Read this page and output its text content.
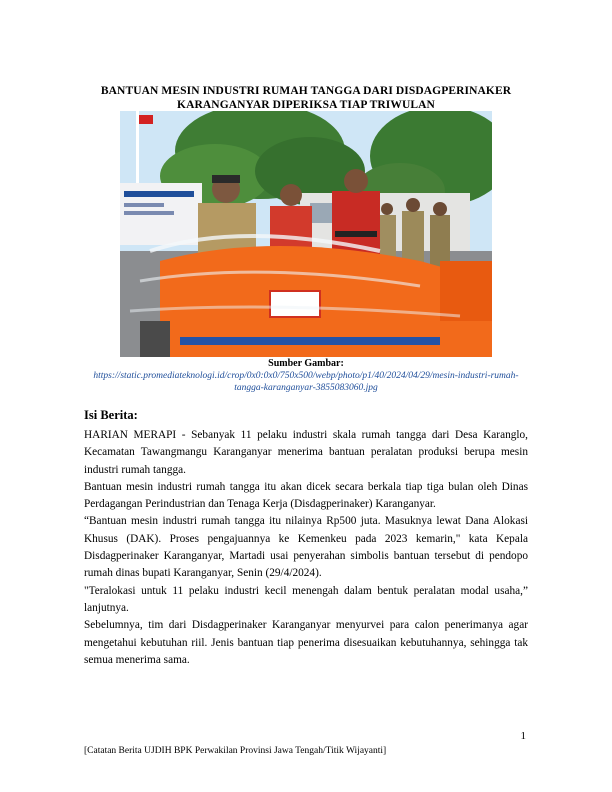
BANTUAN MESIN INDUSTRI RUMAH TANGGA DARI DISDAGPERINAKER KARANGANYAR DIPERIKSA TIAP TRIWULAN
Sumber Gambar:
https://static.promediateknologi.id/crop/0x0:0x0/750x500/webp/photo/p1/40/2024/04/29/mesin-industri-rumah-tangga-karanganyar-3855083060.jpg
Isi Berita:

HARIAN MERAPI - Sebanyak 11 pelaku industri skala rumah tangga dari Desa Karanglo, Kecamatan Tawangmangu Karanganyar menerima bantuan peralatan produksi berupa mesin industri rumah tangga.

Bantuan mesin industri rumah tangga itu akan dicek secara berkala tiap tiga bulan oleh Dinas Perdagangan Perindustrian dan Tenaga Kerja (Disdagperinaker) Karanganyar.

“Bantuan mesin industri rumah tangga itu nilainya Rp500 juta. Masuknya lewat Dana Alokasi Khusus (DAK). Proses pengajuannya ke Kemenkeu pada 2023 kemarin," kata Kepala Disdagperinaker Karanganyar, Martadi usai penyerahan simbolis bantuan tersebut di pendopo rumah dinas bupati Karanganyar, Senin (29/4/2024).

"Teralokasi untuk 11 pelaku industri kecil menengah dalam bentuk peralatan modal usaha,” lanjutnya.

Sebelumnya, tim dari Disdagperinaker Karanganyar menyurvei para calon penerimanya agar mengetahui kebutuhan riil. Jenis bantuan tiap penerima disesuaikan kebutuhannya, sehingga tak semua menerima sama.

1
[Catatan Berita UJDIH BPK Perwakilan Provinsi Jawa Tengah/Titik Wijayanti]
